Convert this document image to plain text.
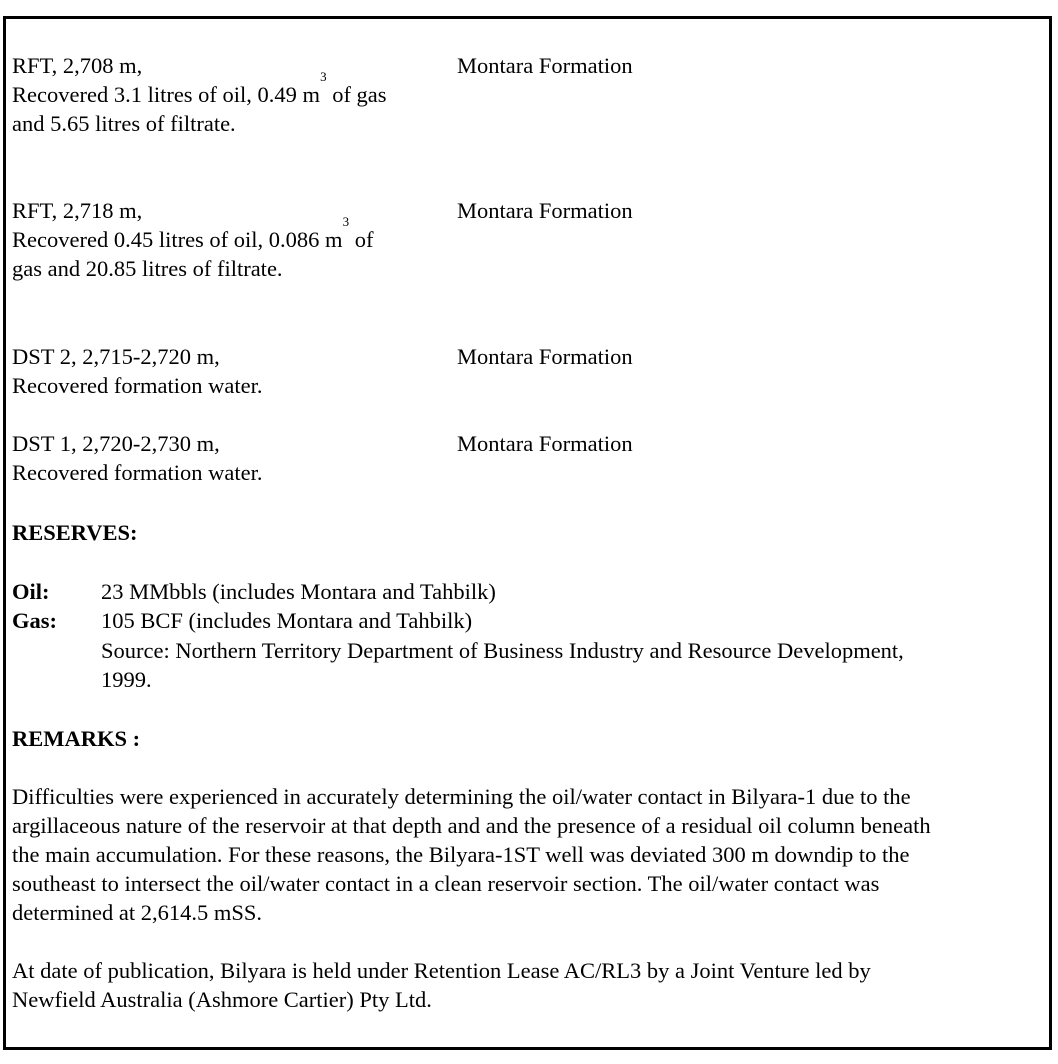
RFT, 2,708 m,
Recovered 3.1 litres of oil, 0.49 $m^3$ of gas
and 5.65 litres of filtrate.
Montara Formation
RFT, 2,718 m,
Recovered 0.45 litres of oil, 0.086 $m^3$ of
gas and 20.85 litres of filtrate.
Montara Formation
DST 2, 2,715-2,720 m,
Recovered formation water.
Montara Formation
DST 1, 2,720-2,730 m,
Recovered formation water.
Montara Formation
RESERVES:
Oil: 23 MMbbls (includes Montara and Tahbilk)
Gas: 105 BCF (includes Montara and Tahbilk)
Source: Northern Territory Department of Business Industry and Resource Development,
1999.
REMARKS :
Difficulties were experienced in accurately determining the oil/water contact in Bilyara-1 due to the
argillaceous nature of the reservoir at that depth and and the presence of a residual oil column beneath
the main accumulation. For these reasons, the Bilyara-1ST well was deviated 300 m downdip to the
southeast to intersect the oil/water contact in a clean reservoir section. The oil/water contact was
determined at 2,614.5 mSS.
At date of publication, Bilyara is held under Retention Lease AC/RL3 by a Joint Venture led by
Newfield Australia (Ashmore Cartier) Pty Ltd.
